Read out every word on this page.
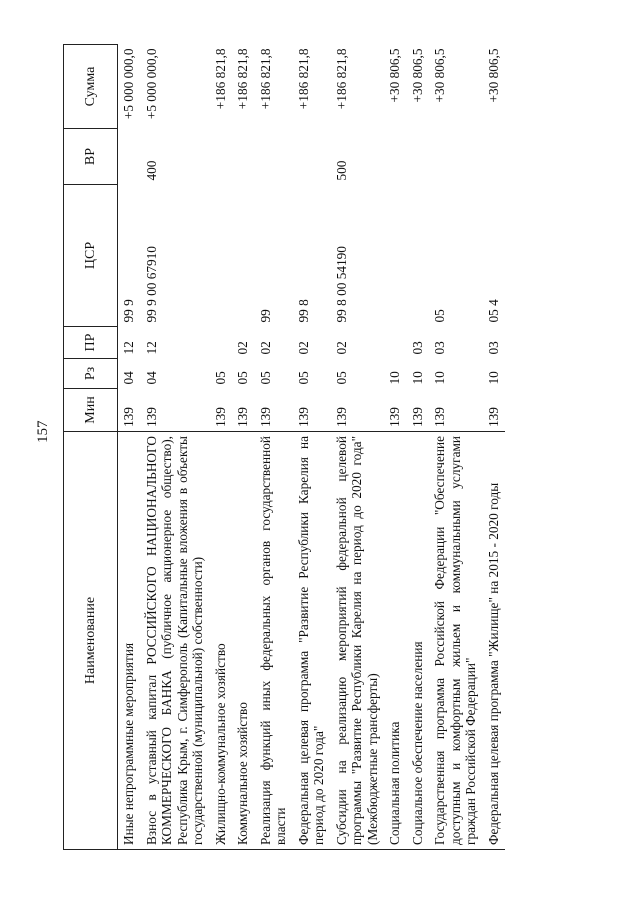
157
Наименование	Мин	Рз	ПР	ЦСР	ВР	Сумма
Иные непрограммные мероприятия	139	04	12	99 9		+5 000 000,0
Взнос в уставный капитал РОССИЙСКОГО НАЦИОНАЛЬНОГО КОММЕРЧЕСКОГО БАНКА (публичное акционерное общество), Республика Крым, г. Симферополь (Капитальные вложения в объекты государственной (муниципальной) собственности)	139	04	12	99 9 00 67910	400	+5 000 000,0
Жилищно-коммунальное хозяйство	139	05				+186 821,8
Коммунальное хозяйство	139	05	02			+186 821,8
Реализация функций иных федеральных органов государственной власти	139	05	02	99		+186 821,8
Федеральная целевая программа "Развитие Республики Карелия на период до 2020 года"	139	05	02	99 8		+186 821,8
Субсидии на реализацию мероприятий федеральной целевой программы "Развитие Республики Карелия на период до 2020 года" (Межбюджетные трансферты)	139	05	02	99 8 00 54190	500	+186 821,8
Социальная политика	139	10				+30 806,5
Социальное обеспечение населения	139	10	03			+30 806,5
Государственная программа Российской Федерации "Обеспечение доступным и комфортным жильем и коммунальными услугами граждан Российской Федерации"	139	10	03	05		+30 806,5
Федеральная целевая программа "Жилище" на 2015 - 2020 годы	139	10	03	05 4		+30 806,5
